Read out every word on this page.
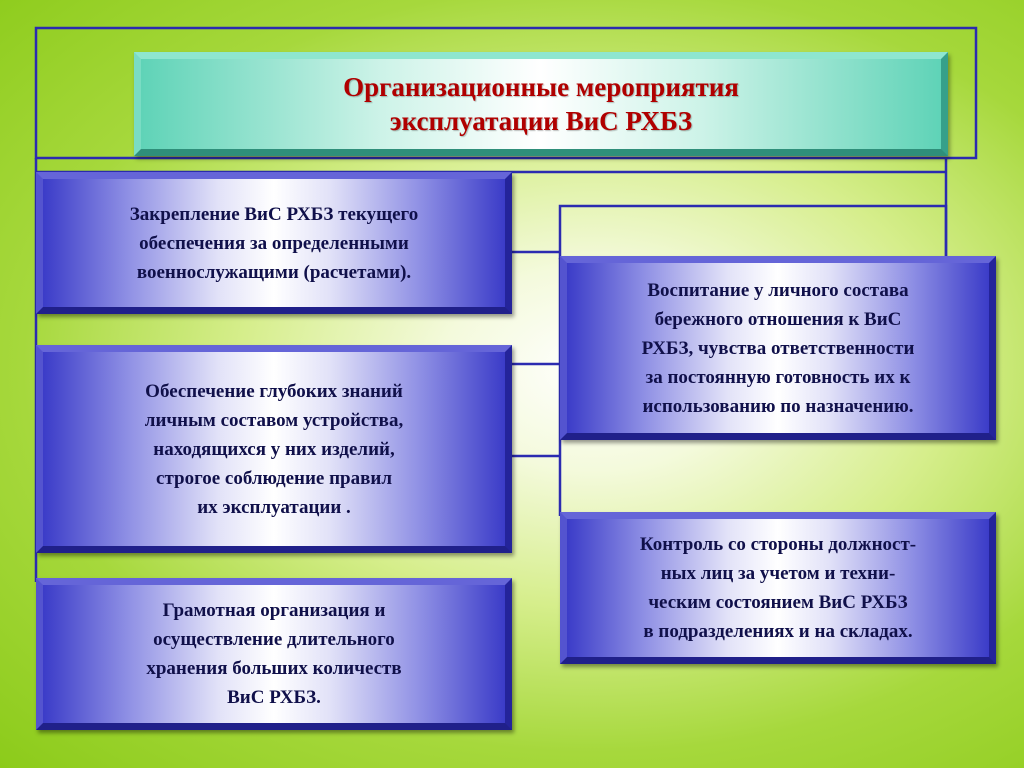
Организационные мероприятия
эксплуатации ВиС РХБЗ
Закрепление ВиС РХБЗ текущего
обеспечения за определенными
военнослужащими (расчетами).
Обеспечение глубоких знаний
личным составом устройства,
находящихся у них изделий,
строгое соблюдение правил
их эксплуатации .
Грамотная организация и
осуществление длительного
хранения больших количеств
ВиС РХБЗ.
Воспитание у личного состава
бережного отношения к ВиС
РХБЗ, чувства ответственности
за постоянную готовность их к
использованию по назначению.
Контроль со стороны должност-
ных лиц за учетом и техни-
ческим состоянием ВиС РХБЗ
в подразделениях и на складах.
